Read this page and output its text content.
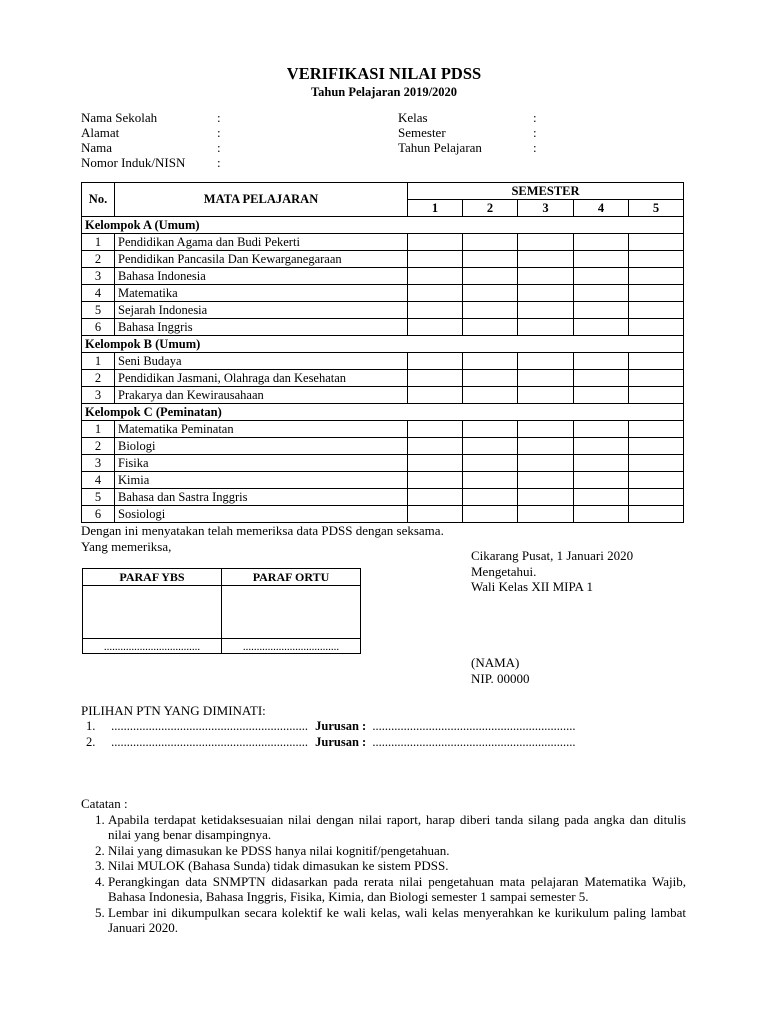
VERIFIKASI NILAI PDSS
Tahun Pelajaran 2019/2020
Nama Sekolah	:
Alamat	:
Nama	:
Nomor Induk/NISN :
Kelas	:
Semester	:
Tahun Pelajaran	:
No.	MATA PELAJARAN	SEMESTER				
		1	2	3	4	5
Kelompok A (Umum)						
1	Pendidikan Agama dan Budi Pekerti					
2	Pendidikan Pancasila Dan Kewarganegaraan					
3	Bahasa Indonesia					
4	Matematika					
5	Sejarah Indonesia					
6	Bahasa Inggris					
Kelompok B (Umum)						
1	Seni Budaya					
2	Pendidikan Jasmani, Olahraga dan Kesehatan					
3	Prakarya dan Kewirausahaan					
Kelompok C (Peminatan)						
1	Matematika Peminatan					
2	Biologi					
3	Fisika					
4	Kimia					
5	Bahasa dan Sastra Inggris					
6	Sosiologi					
Dengan ini menyatakan telah memeriksa data PDSS dengan seksama.
Yang memeriksa,
Cikarang Pusat, 1 Januari 2020
Mengetahui.
Wali Kelas XII MIPA 1
(NAMA)
NIP. 00000
PARAF YBS	PARAF ORTU

...................................	...................................
PILIHAN PTN YANG DIMINATI:
1. ............................................................... Jurusan : .................................................................
2. ............................................................... Jurusan : .................................................................
Catatan :
1. Apabila terdapat ketidaksesuaian nilai dengan nilai raport, harap diberi tanda silang pada angka dan ditulis nilai yang benar disampingnya.
2. Nilai yang dimasukan ke PDSS hanya nilai kognitif/pengetahuan.
3. Nilai MULOK (Bahasa Sunda) tidak dimasukan ke sistem PDSS.
4. Perangkingan data SNMPTN didasarkan pada rerata nilai pengetahuan mata pelajaran Matematika Wajib, Bahasa Indonesia, Bahasa Inggris, Fisika, Kimia, dan Biologi semester 1 sampai semester 5.
5. Lembar ini dikumpulkan secara kolektif ke wali kelas, wali kelas menyerahkan ke kurikulum paling lambat Januari 2020.
